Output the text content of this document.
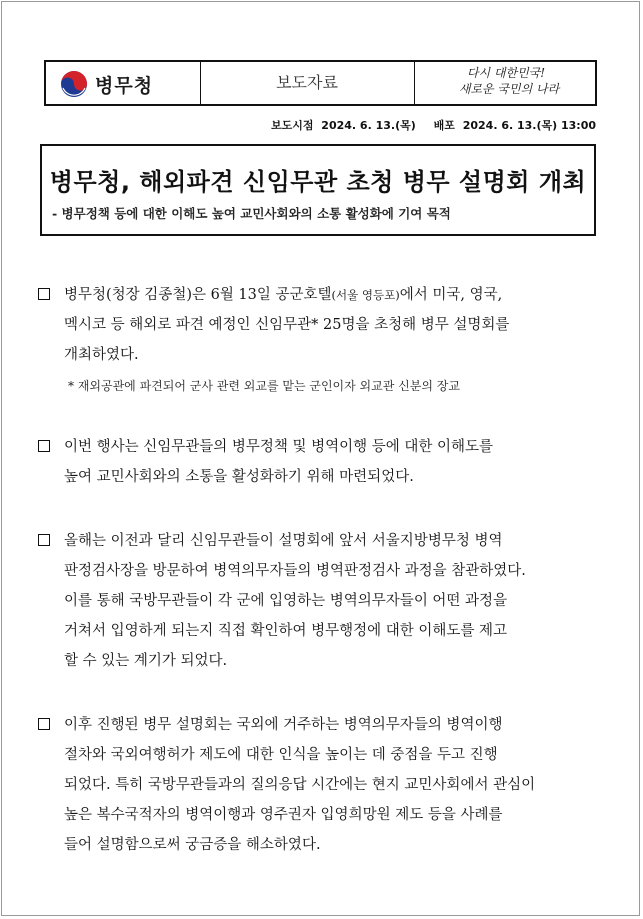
병무청	보도자료	다시 대한민국!
새로운 국민의 나라
보도시점 2024. 6. 13.(목) 배포 2024. 6. 13.(목) 13:00
병무청, 해외파견 신임무관 초청 병무 설명회 개최
- 병무정책 등에 대한 이해도 높여 교민사회와의 소통 활성화에 기여 목적
병무청(청장 김종철)은 6월 13일 공군호텔(서울 영등포)에서 미국, 영국,
멕시코 등 해외로 파견 예정인 신임무관* 25명을 초청해 병무 설명회를
개최하였다.
* 재외공관에 파견되어 군사 관련 외교를 맡는 군인이자 외교관 신분의 장교
이번 행사는 신임무관들의 병무정책 및 병역이행 등에 대한 이해도를
높여 교민사회와의 소통을 활성화하기 위해 마련되었다.
올해는 이전과 달리 신임무관들이 설명회에 앞서 서울지방병무청 병역
판정검사장을 방문하여 병역의무자들의 병역판정검사 과정을 참관하였다.
이를 통해 국방무관들이 각 군에 입영하는 병역의무자들이 어떤 과정을
거쳐서 입영하게 되는지 직접 확인하여 병무행정에 대한 이해도를 제고
할 수 있는 계기가 되었다.
이후 진행된 병무 설명회는 국외에 거주하는 병역의무자들의 병역이행
절차와 국외여행허가 제도에 대한 인식을 높이는 데 중점을 두고 진행
되었다. 특히 국방무관들과의 질의응답 시간에는 현지 교민사회에서 관심이
높은 복수국적자의 병역이행과 영주권자 입영희망원 제도 등을 사례를
들어 설명함으로써 궁금증을 해소하였다.
